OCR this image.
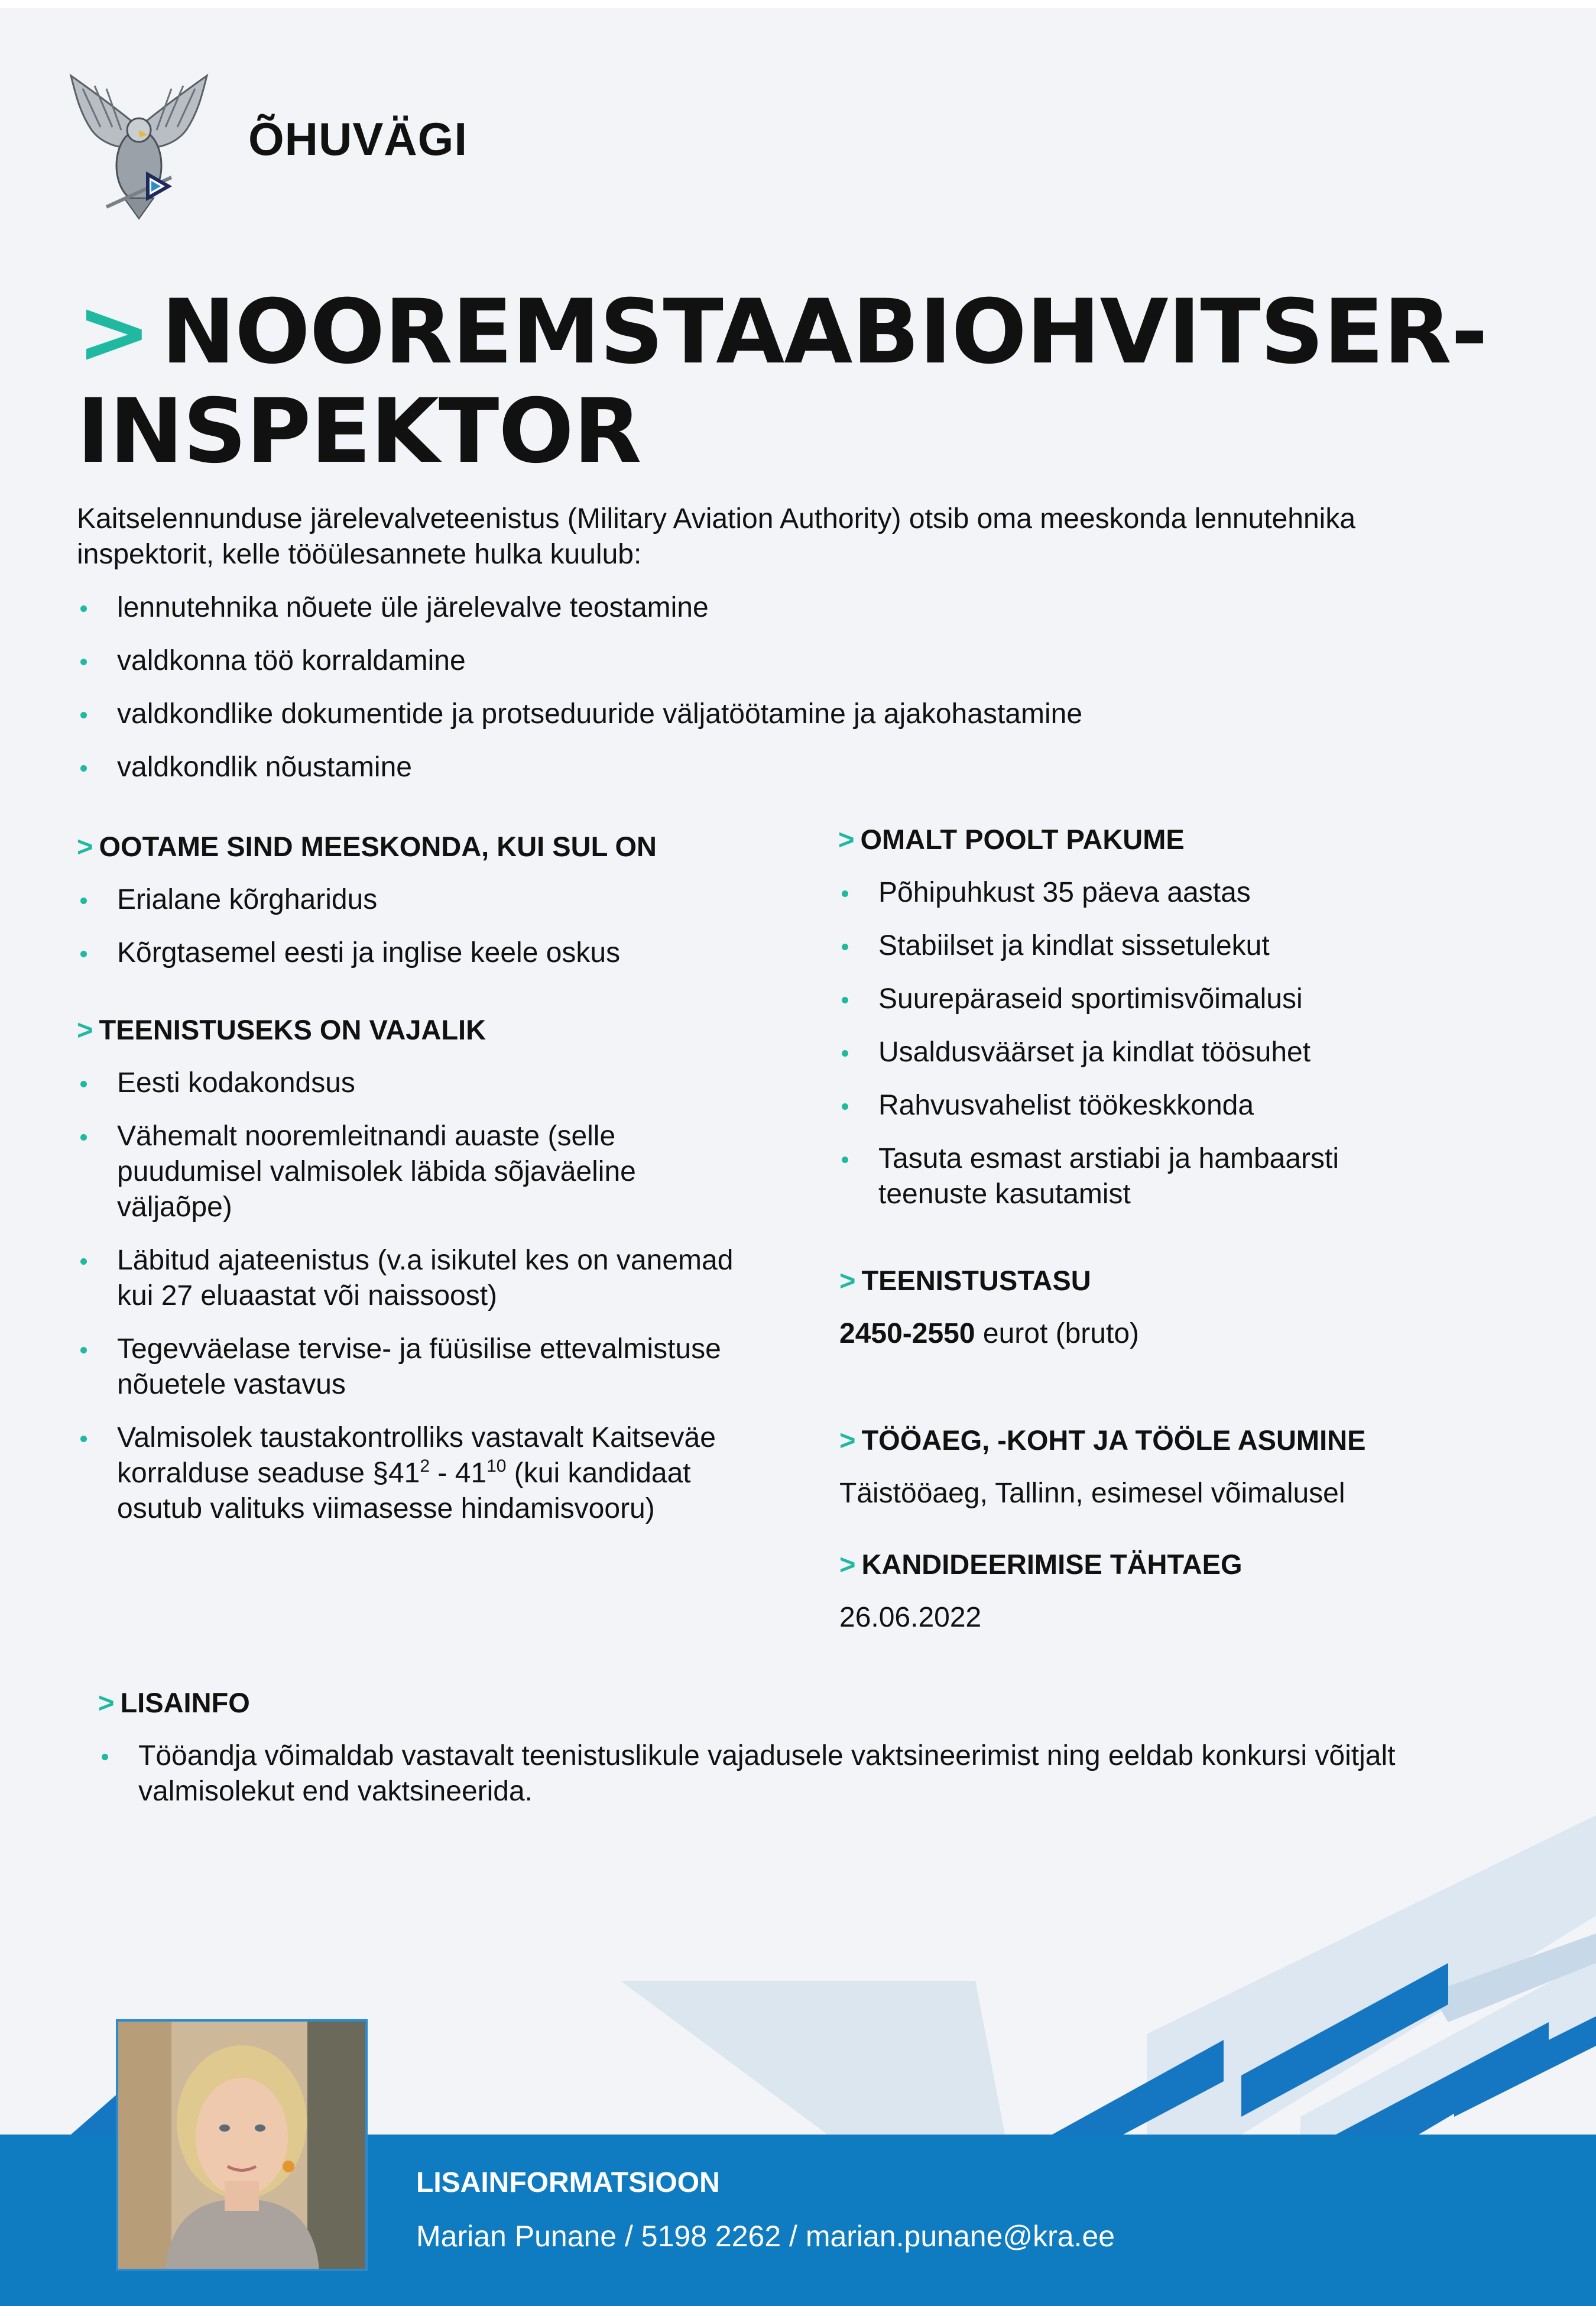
ÕHUVÄGI
> NOOREMSTAABIOHVITSER-INSPEKTOR
Kaitselennunduse järelevalveteenistus (Military Aviation Authority) otsib oma meeskonda lennutehnika inspektorit, kelle tööülesannete hulka kuulub:
lennutehnika nõuete üle järelevalve teostamine
valdkonna töö korraldamine
valdkondlike dokumentide ja protseduuride väljatöötamine ja ajakohastamine
valdkondlik nõustamine
> OOTAME SIND MEESKONDA, KUI SUL ON
Erialane kõrgharidus
Kõrgtasemel eesti ja inglise keele oskus
> TEENISTUSEKS ON VAJALIK
Eesti kodakondsus
Vähemalt nooremleitnandi auaste (selle puudumisel valmisolek läbida sõjaväeline väljaõpe)
Läbitud ajateenistus (v.a isikutel kes on vanemad kui 27 eluaastat või naissoost)
Tegevväelase tervise- ja füüsilise ettevalmistuse nõuetele vastavus
Valmisolek taustakontrolliks vastavalt Kaitseväe korralduse seaduse $\S 41^2 - 41^{10}$ (kui kandidaat osutub valituks viimasesse hindamisvooru)
> OMALT POOLT PAKUME
Põhipuhkust 35 päeva aastas
Stabiilset ja kindlat sissetulekut
Suurepäraseid sportimisvõimalusi
Usaldusväärset ja kindlat töösuhet
Rahvusvahelist töökeskkonda
Tasuta esmast arstiabi ja hambaarsti teenuste kasutamist
> TEENISTUSTASU
2450-2550 eurot (bruto)
> TÖÖAEG, -KOHT JA TÖÖLE ASUMINE
Täistööaeg, Tallinn, esimesel võimalusel
> KANDIDEERIMISE TÄHTAEG
26.06.2022
> LISAINFO
Tööandja võimaldab vastavalt teenistuslikule vajadusele vaktsineerimist ning eeldab konkursi võitjalt valmisolekut end vaktsineerida.
LISAINFORMATSIOON
Marian Punane / 5198 2262 / marian.punane@kra.ee
